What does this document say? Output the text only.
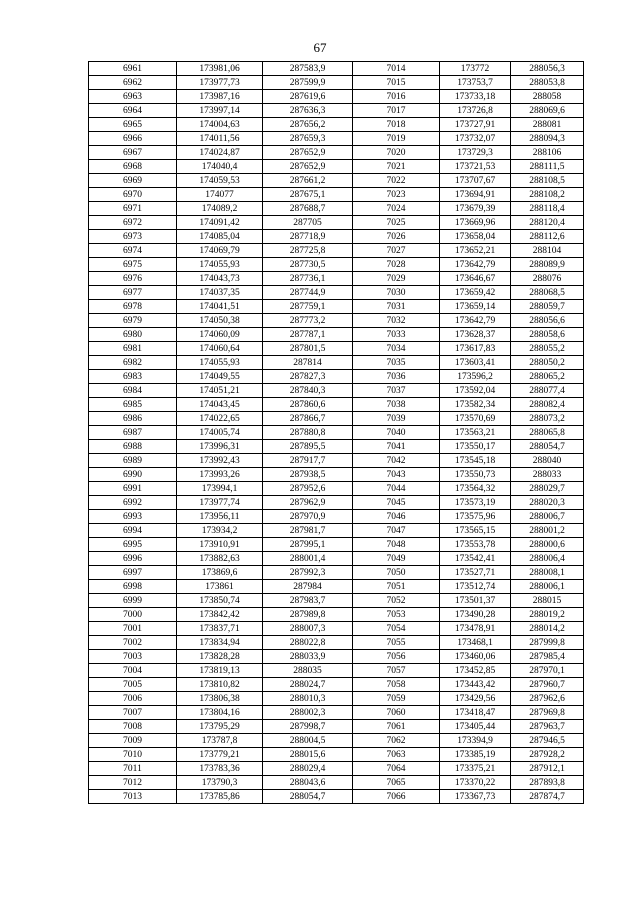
67
6961	173981,06	287583,9	7014	173772	288056,3
6962	173977,73	287599,9	7015	173753,7	288053,8
6963	173987,16	287619,6	7016	173733,18	288058
6964	173997,14	287636,3	7017	173726,8	288069,6
6965	174004,63	287656,2	7018	173727,91	288081
6966	174011,56	287659,3	7019	173732,07	288094,3
6967	174024,87	287652,9	7020	173729,3	288106
6968	174040,4	287652,9	7021	173721,53	288111,5
6969	174059,53	287661,2	7022	173707,67	288108,5
6970	174077	287675,1	7023	173694,91	288108,2
6971	174089,2	287688,7	7024	173679,39	288118,4
6972	174091,42	287705	7025	173669,96	288120,4
6973	174085,04	287718,9	7026	173658,04	288112,6
6974	174069,79	287725,8	7027	173652,21	288104
6975	174055,93	287730,5	7028	173642,79	288089,9
6976	174043,73	287736,1	7029	173646,67	288076
6977	174037,35	287744,9	7030	173659,42	288068,5
6978	174041,51	287759,1	7031	173659,14	288059,7
6979	174050,38	287773,2	7032	173642,79	288056,6
6980	174060,09	287787,1	7033	173628,37	288058,6
6981	174060,64	287801,5	7034	173617,83	288055,2
6982	174055,93	287814	7035	173603,41	288050,2
6983	174049,55	287827,3	7036	173596,2	288065,2
6984	174051,21	287840,3	7037	173592,04	288077,4
6985	174043,45	287860,6	7038	173582,34	288082,4
6986	174022,65	287866,7	7039	173570,69	288073,2
6987	174005,74	287880,8	7040	173563,21	288065,8
6988	173996,31	287895,5	7041	173550,17	288054,7
6989	173992,43	287917,7	7042	173545,18	288040
6990	173993,26	287938,5	7043	173550,73	288033
6991	173994,1	287952,6	7044	173564,32	288029,7
6992	173977,74	287962,9	7045	173573,19	288020,3
6993	173956,11	287970,9	7046	173575,96	288006,7
6994	173934,2	287981,7	7047	173565,15	288001,2
6995	173910,91	287995,1	7048	173553,78	288000,6
6996	173882,63	288001,4	7049	173542,41	288006,4
6997	173869,6	287992,3	7050	173527,71	288008,1
6998	173861	287984	7051	173512,74	288006,1
6999	173850,74	287983,7	7052	173501,37	288015
7000	173842,42	287989,8	7053	173490,28	288019,2
7001	173837,71	288007,3	7054	173478,91	288014,2
7002	173834,94	288022,8	7055	173468,1	287999,8
7003	173828,28	288033,9	7056	173460,06	287985,4
7004	173819,13	288035	7057	173452,85	287970,1
7005	173810,82	288024,7	7058	173443,42	287960,7
7006	173806,38	288010,3	7059	173429,56	287962,6
7007	173804,16	288002,3	7060	173418,47	287969,8
7008	173795,29	287998,7	7061	173405,44	287963,7
7009	173787,8	288004,5	7062	173394,9	287946,5
7010	173779,21	288015,6	7063	173385,19	287928,2
7011	173783,36	288029,4	7064	173375,21	287912,1
7012	173790,3	288043,6	7065	173370,22	287893,8
7013	173785,86	288054,7	7066	173367,73	287874,7
